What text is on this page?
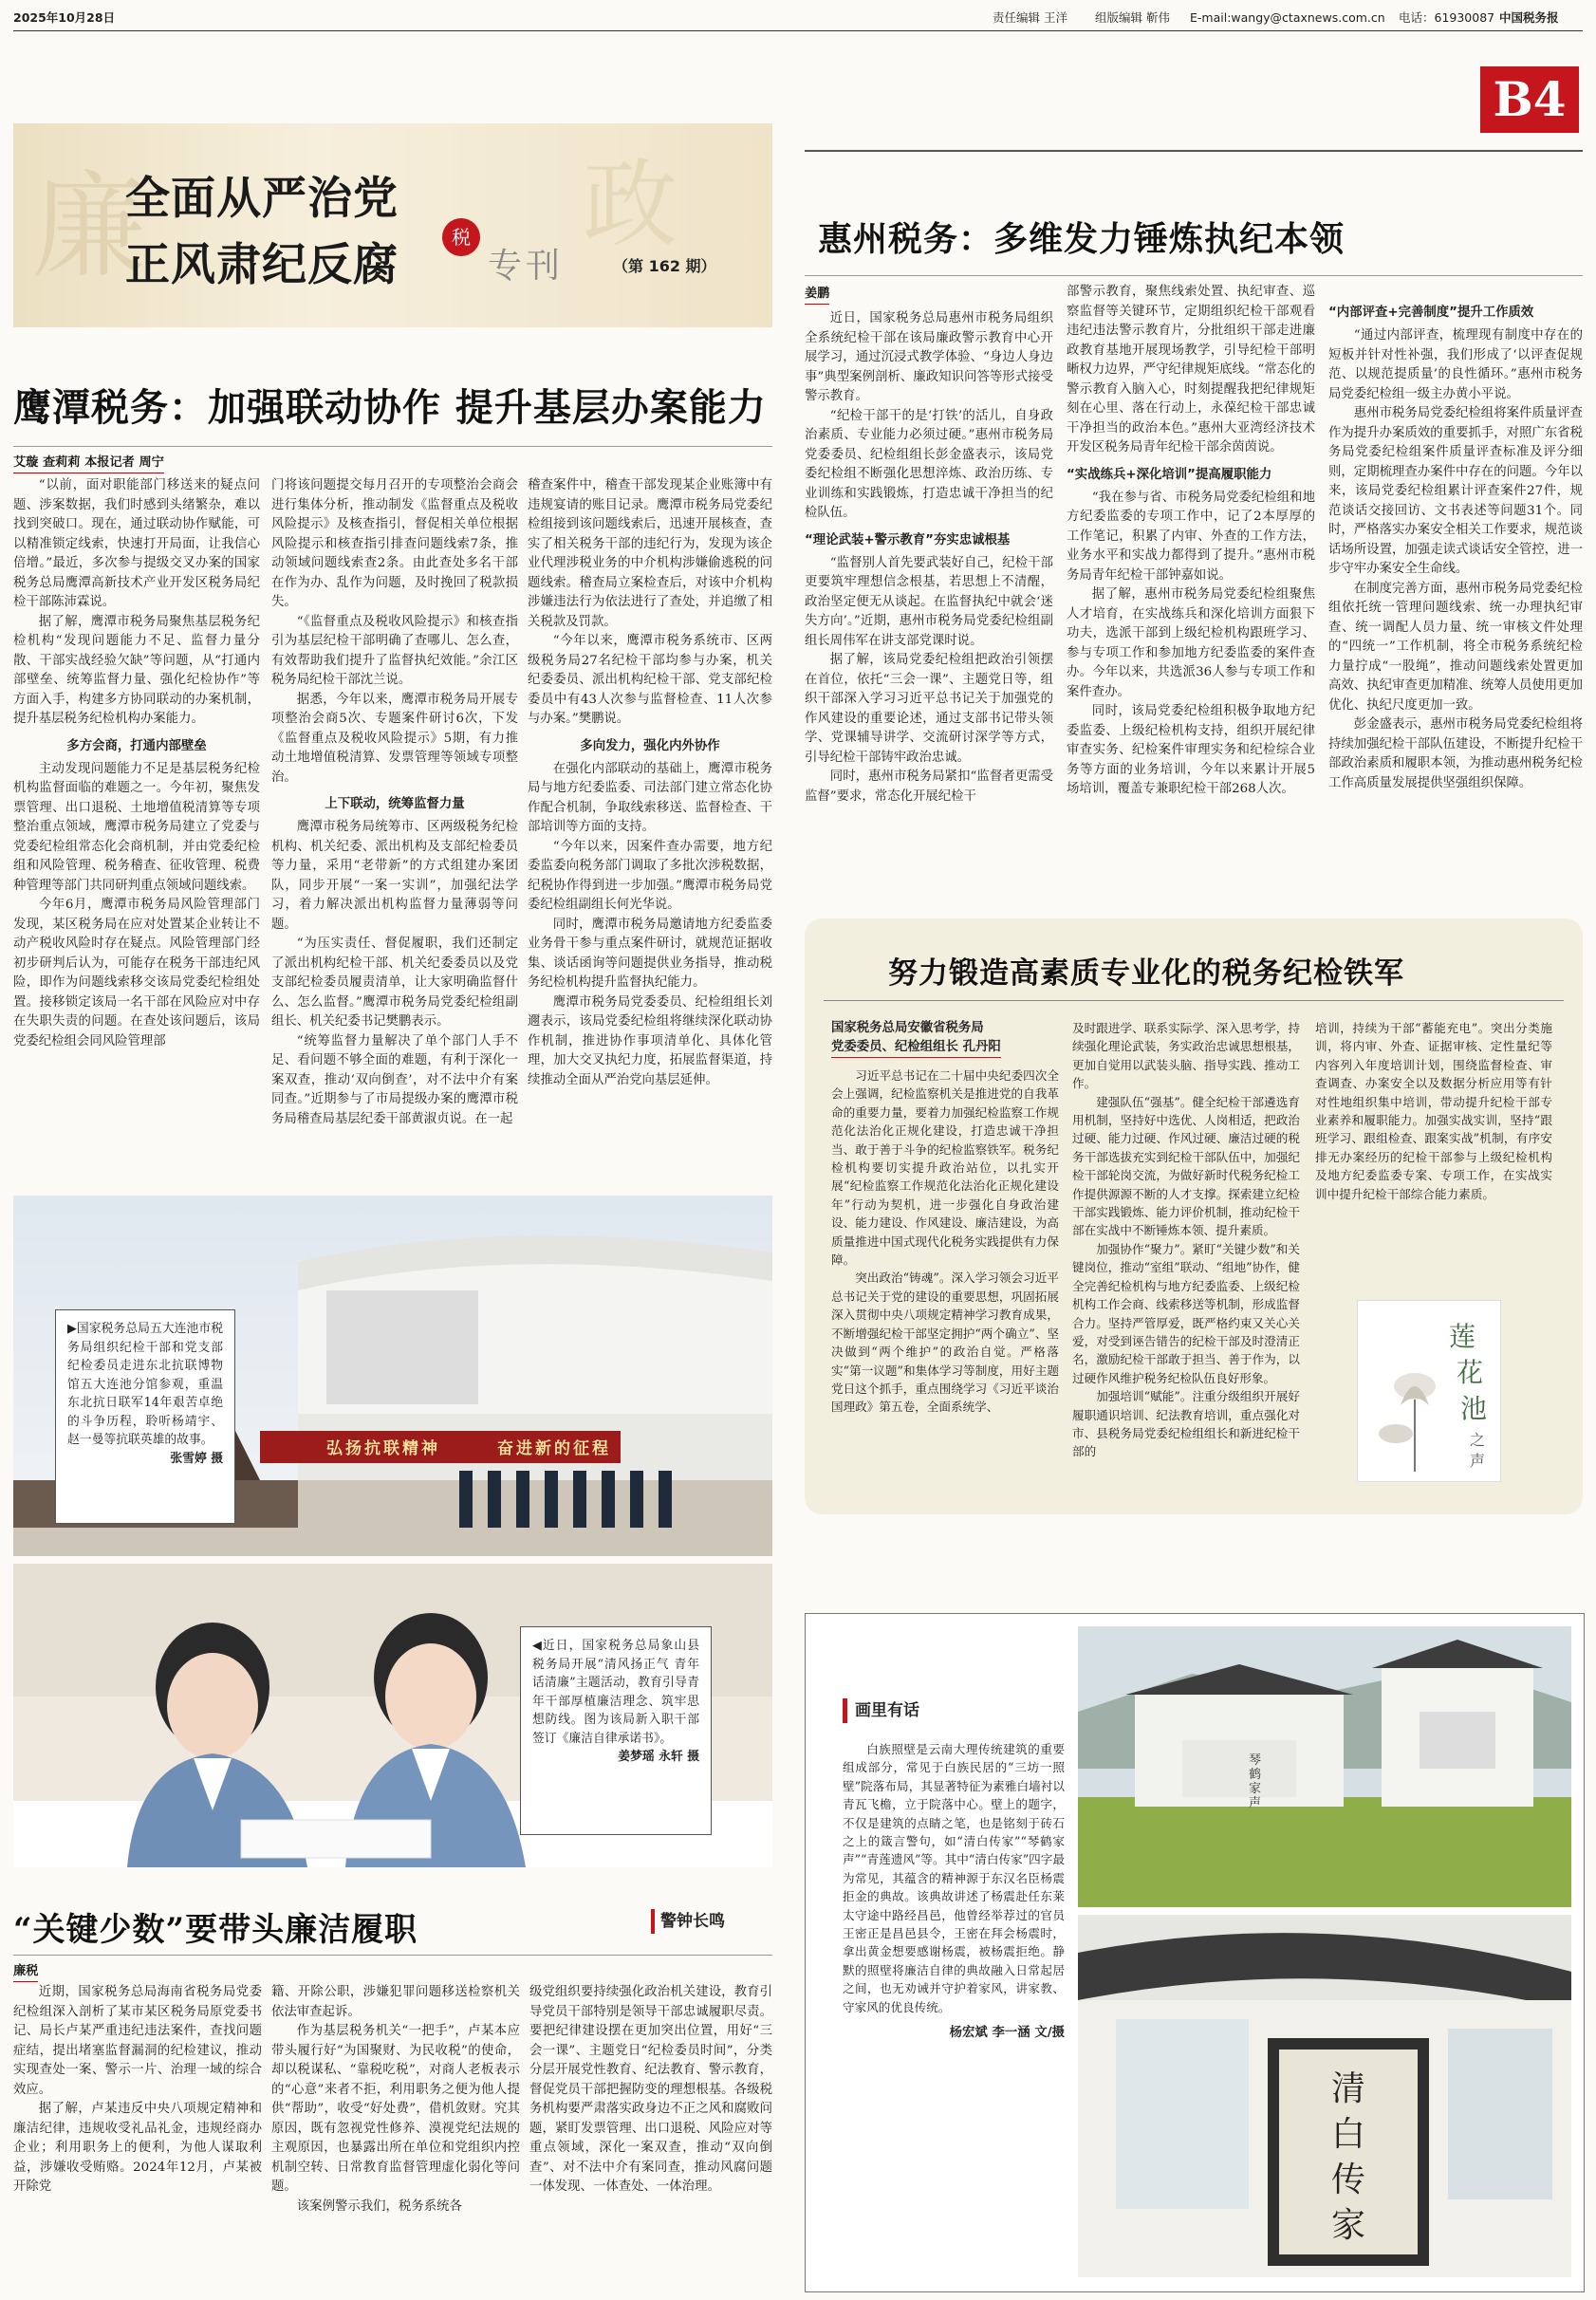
2025年10月28日	责任编辑 王洋 组版编辑 靳伟 E-mail:wangy@ctaxnews.com.cn 电话：61930087 中国税务报
B4
廉	政
全面从严治党
正风肃纪反腐
税
专刊	（第 162 期）
鹰潭税务：加强联动协作 提升基层办案能力
艾璇 查莉莉 本报记者 周宁

“以前，面对职能部门移送来的疑点问题、涉案数据，我们时感到头绪繁杂，难以找到突破口。现在，通过联动协作赋能，可以精准锁定线索，快速打开局面，让我信心倍增。”最近，多次参与提级交叉办案的国家税务总局鹰潭高新技术产业开发区税务局纪检干部陈沛霖说。

据了解，鹰潭市税务局聚焦基层税务纪检机构“发现问题能力不足、监督力量分散、干部实战经验欠缺”等问题，从“打通内部壁垒、统筹监督力量、强化纪检协作”等方面入手，构建多方协同联动的办案机制，提升基层税务纪检机构办案能力。

多方会商，打通内部壁垒

主动发现问题能力不足是基层税务纪检机构监督面临的难题之一。今年初，聚焦发票管理、出口退税、土地增值税清算等专项整治重点领域，鹰潭市税务局建立了党委与党委纪检组常态化会商机制，并由党委纪检组和风险管理、税务稽查、征收管理、税费种管理等部门共同研判重点领域问题线索。

今年6月，鹰潭市税务局风险管理部门发现，某区税务局在应对处置某企业转让不动产税收风险时存在疑点。风险管理部门经初步研判后认为，可能存在税务干部违纪风险，即作为问题线索移交该局党委纪检组处置。接移锁定该局一名干部在风险应对中存在失职失责的问题。在查处该问题后，该局党委纪检组会同风险管理部

门将该问题提交每月召开的专项整治会商会进行集体分析，推动制发《监督重点及税收风险提示》及核查指引，督促相关单位根据风险提示和核查指引排查问题线索7条，推动领域问题线索查2条。由此查处多名干部在作为办、乱作为问题，及时挽回了税款损失。

“《监督重点及税收风险提示》和核查指引为基层纪检干部明确了查哪儿、怎么查，有效帮助我们提升了监督执纪效能。”余江区税务局纪检干部沈兰说。

据悉，今年以来，鹰潭市税务局开展专项整治会商5次、专题案件研讨6次，下发《监督重点及税收风险提示》5期，有力推动土地增值税清算、发票管理等领域专项整治。

上下联动，统筹监督力量

鹰潭市税务局统筹市、区两级税务纪检机构、机关纪委、派出机构及支部纪检委员等力量，采用“老带新”的方式组建办案团队，同步开展“一案一实训”，加强纪法学习，着力解决派出机构监督力量薄弱等问题。

“为压实责任、督促履职，我们还制定了派出机构纪检干部、机关纪委委员以及党支部纪检委员履责清单，让大家明确监督什么、怎么监督。”鹰潭市税务局党委纪检组副组长、机关纪委书记樊鹏表示。

“统筹监督力量解决了单个部门人手不足、看问题不够全面的难题，有利于深化一案双查，推动‘双向倒查’，对不法中介有案同查。”近期参与了市局提级办案的鹰潭市税务局稽查局基层纪委干部黄淑贞说。在一起

稽查案件中，稽查干部发现某企业账簿中有违规宴请的账目记录。鹰潭市税务局党委纪检组接到该问题线索后，迅速开展核查，查实了相关税务干部的违纪行为，发现为该企业代理涉税业务的中介机构涉嫌偷逃税的问题线索。稽查局立案检查后，对该中介机构涉嫌违法行为依法进行了查处，并追缴了相关税款及罚款。

“今年以来，鹰潭市税务系统市、区两级税务局27名纪检干部均参与办案，机关纪委委员、派出机构纪检干部、党支部纪检委员中有43人次参与监督检查、11人次参与办案。”樊鹏说。

多向发力，强化内外协作

在强化内部联动的基础上，鹰潭市税务局与地方纪委监委、司法部门建立常态化协作配合机制，争取线索移送、监督检查、干部培训等方面的支持。

“今年以来，因案件查办需要，地方纪委监委向税务部门调取了多批次涉税数据，纪税协作得到进一步加强。”鹰潭市税务局党委纪检组副组长何光华说。

同时，鹰潭市税务局邀请地方纪委监委业务骨干参与重点案件研讨，就规范证据收集、谈话函询等问题提供业务指导，推动税务纪检机构提升监督执纪能力。

鹰潭市税务局党委委员、纪检组组长刘邇表示，该局党委纪检组将继续深化联动协作机制，推进协作事项清单化、具体化管理，加大交叉执纪力度，拓展监督渠道，持续推动全面从严治党向基层延伸。

弘扬抗联精神	奋进新的征程
▶国家税务总局五大连池市税务局组织纪检干部和党支部纪检委员走进东北抗联博物馆五大连池分馆参观，重温东北抗日联军14年艰苦卓绝的斗争历程，聆听杨靖宇、赵一曼等抗联英雄的故事。
张雪婷 摄
◀近日，国家税务总局象山县税务局开展“清风扬正气 青年话清廉”主题活动，教育引导青年干部厚植廉洁理念、筑牢思想防线。图为该局新入职干部签订《廉洁自律承诺书》。
姜梦瑶 永轩 摄
“关键少数”要带头廉洁履职	警钟长鸣
廉税

近期，国家税务总局海南省税务局党委纪检组深入剖析了某市某区税务局原党委书记、局长卢某严重违纪违法案件，查找问题症结，提出堵塞监督漏洞的纪检建议，推动实现查处一案、警示一片、治理一域的综合效应。

据了解，卢某违反中央八项规定精神和廉洁纪律，违规收受礼品礼金，违规经商办企业；利用职务上的便利，为他人谋取利益，涉嫌收受贿赂。2024年12月，卢某被开除党

籍、开除公职，涉嫌犯罪问题移送检察机关依法审查起诉。

作为基层税务机关“一把手”，卢某本应带头履行好“为国聚财、为民收税”的使命，却以税谋私、“靠税吃税”，对商人老板表示的“心意”来者不拒，利用职务之便为他人提供“帮助”，收受“好处费”，借机敛财。究其原因，既有忽视党性修养、漠视党纪法规的主观原因，也暴露出所在单位和党组织内控机制空转、日常教育监督管理虚化弱化等问题。

该案例警示我们，税务系统各

级党组织要持续强化政治机关建设，教育引导党员干部特别是领导干部忠诚履职尽责。要把纪律建设摆在更加突出位置，用好“三会一课”、主题党日“纪检委员时间”，分类分层开展党性教育、纪法教育、警示教育，督促党员干部把握防变的理想根基。各级税务机构要严肃落实政身边不正之风和腐败问题，紧盯发票管理、出口退税、风险应对等重点领域，深化一案双查，推动“双向倒查”、对不法中介有案同查，推动风腐问题一体发现、一体查处、一体治理。

惠州税务：多维发力锤炼执纪本领
姜鹏

近日，国家税务总局惠州市税务局组织全系统纪检干部在该局廉政警示教育中心开展学习，通过沉浸式教学体验、“身边人身边事”典型案例剖析、廉政知识问答等形式接受警示教育。

“纪检干部干的是‘打铁’的活儿，自身政治素质、专业能力必须过硬。”惠州市税务局党委委员、纪检组组长彭金盛表示，该局党委纪检组不断强化思想淬炼、政治历练、专业训练和实践锻炼，打造忠诚干净担当的纪检队伍。

“理论武装+警示教育”夯实忠诚根基

“监督别人首先要武装好自己，纪检干部更要筑牢理想信念根基，若思想上不清醒，政治坚定便无从谈起。在监督执纪中就会‘迷失方向’。”近期，惠州市税务局党委纪检组副组长周伟军在讲支部党课时说。

据了解，该局党委纪检组把政治引领摆在首位，依托“三会一课”、主题党日等，组织干部深入学习习近平总书记关于加强党的作风建设的重要论述，通过支部书记带头领学、党课辅导讲学、交流研讨深学等方式，引导纪检干部铸牢政治忠诚。

同时，惠州市税务局紧扣“监督者更需受监督”要求，常态化开展纪检干

部警示教育，聚焦线索处置、执纪审查、巡察监督等关键环节，定期组织纪检干部观看违纪违法警示教育片，分批组织干部走进廉政教育基地开展现场教学，引导纪检干部明晰权力边界，严守纪律规矩底线。“常态化的警示教育入脑入心，时刻提醒我把纪律规矩刻在心里、落在行动上，永葆纪检干部忠诚干净担当的政治本色。”惠州大亚湾经济技术开发区税务局青年纪检干部余茵茵说。

“实战练兵+深化培训”提高履职能力

“我在参与省、市税务局党委纪检组和地方纪委监委的专项工作中，记了2本厚厚的工作笔记，积累了内审、外查的工作方法，业务水平和实战力都得到了提升。”惠州市税务局青年纪检干部钟嘉如说。

据了解，惠州市税务局党委纪检组聚焦人才培育，在实战练兵和深化培训方面狠下功夫，选派干部到上级纪检机构跟班学习、参与专项工作和参加地方纪委监委的案件查办。今年以来，共选派36人参与专项工作和案件查办。

同时，该局党委纪检组积极争取地方纪委监委、上级纪检机构支持，组织开展纪律审查实务、纪检案件审理实务和纪检综合业务等方面的业务培训，今年以来累计开展5场培训，覆盖专兼职纪检干部268人次。

“内部评查+完善制度”提升工作质效

“通过内部评查，梳理现有制度中存在的短板并针对性补强，我们形成了‘以评查促规范、以规范提质量’的良性循环。”惠州市税务局党委纪检组一级主办黄小平说。

惠州市税务局党委纪检组将案件质量评查作为提升办案质效的重要抓手，对照广东省税务局党委纪检组案件质量评查标准及评分细则，定期梳理查办案件中存在的问题。今年以来，该局党委纪检组累计评查案件27件，规范谈话交接回访、文书表述等问题31个。同时，严格落实办案安全相关工作要求，规范谈话场所设置，加强走读式谈话安全管控，进一步守牢办案安全生命线。

在制度完善方面，惠州市税务局党委纪检组依托统一管理问题线索、统一办理执纪审查、统一调配人员力量、统一审核文件处理的“四统一”工作机制，将全市税务系统纪检力量拧成“一股绳”，推动问题线索处置更加高效、执纪审查更加精准、统筹人员使用更加优化、执纪尺度更加一致。

彭金盛表示，惠州市税务局党委纪检组将持续加强纪检干部队伍建设，不断提升纪检干部政治素质和履职本领，为推动惠州税务纪检工作高质量发展提供坚强组织保障。

努力锻造高素质专业化的税务纪检铁军
国家税务总局安徽省税务局
党委委员、纪检组组长 孔丹阳

习近平总书记在二十届中央纪委四次全会上强调，纪检监察机关是推进党的自我革命的重要力量，要着力加强纪检监察工作规范化法治化正规化建设，打造忠诚干净担当、敢于善于斗争的纪检监察铁军。税务纪检机构要切实提升政治站位，以扎实开展“纪检监察工作规范化法治化正规化建设年”行动为契机，进一步强化自身政治建设、能力建设、作风建设、廉洁建设，为高质量推进中国式现代化税务实践提供有力保障。

突出政治“铸魂”。深入学习领会习近平总书记关于党的建设的重要思想，巩固拓展深入贯彻中央八项规定精神学习教育成果，不断增强纪检干部坚定拥护“两个确立”、坚决做到“两个维护”的政治自觉。严格落实“第一议题”和集体学习等制度，用好主题党日这个抓手，重点围绕学习《习近平谈治国理政》第五卷，全面系统学、

及时跟进学、联系实际学、深入思考学，持续强化理论武装，务实政治忠诚思想根基，更加自觉用以武装头脑、指导实践、推动工作。

建强队伍“强基”。健全纪检干部遴选育用机制，坚持好中选优、人岗相适，把政治过硬、能力过硬、作风过硬、廉洁过硬的税务干部选拔充实到纪检干部队伍中，加强纪检干部轮岗交流，为做好新时代税务纪检工作提供源源不断的人才支撑。探索建立纪检干部实践锻炼、能力评价机制，推动纪检干部在实战中不断锤炼本领、提升素质。

加强协作“聚力”。紧盯“关键少数”和关键岗位，推动“室组”联动、“组地”协作，健全完善纪检机构与地方纪委监委、上级纪检机构工作会商、线索移送等机制，形成监督合力。坚持严管厚爱，既严格约束又关心关爱，对受到诬告错告的纪检干部及时澄清正名，激励纪检干部敢于担当、善于作为，以过硬作风维护税务纪检队伍良好形象。

加强培训“赋能”。注重分级组织开展好履职通识培训、纪法教育培训，重点强化对市、县税务局党委纪检组组长和新进纪检干部的

培训，持续为干部“蓄能充电”。突出分类施训，将内审、外查、证据审核、定性量纪等内容列入年度培训计划，围绕监督检查、审查调查、办案安全以及数据分析应用等有针对性地组织集中培训，带动提升纪检干部专业素养和履职能力。加强实战实训，坚持“跟班学习、跟组检查、跟案实战”机制，有序安排无办案经历的纪检干部参与上级纪检机构及地方纪委监委专案、专项工作，在实战实训中提升纪检干部综合能力素质。

莲
花
池
之
声
画里有话

白族照壁是云南大理传统建筑的重要组成部分，常见于白族民居的“三坊一照壁”院落布局，其显著特征为素雅白墙衬以青瓦飞檐，立于院落中心。壁上的题字，不仅是建筑的点睛之笔，也是铭刻于砖石之上的箴言警句，如“清白传家”“琴鹤家声”“青莲遗风”等。其中“清白传家”四字最为常见，其蕴含的精神源于东汉名臣杨震拒金的典故。该典故讲述了杨震赴任东莱太守途中路经昌邑，他曾经举荐过的官员王密正是昌邑县令，王密在拜会杨震时，拿出黄金想要感谢杨震，被杨震拒绝。静默的照壁将廉洁自律的典故融入日常起居之间，也无劝诫并守护着家风，讲家教、守家风的优良传统。

杨宏斌 李一涵 文/摄
琴鹤家声
清白传家
